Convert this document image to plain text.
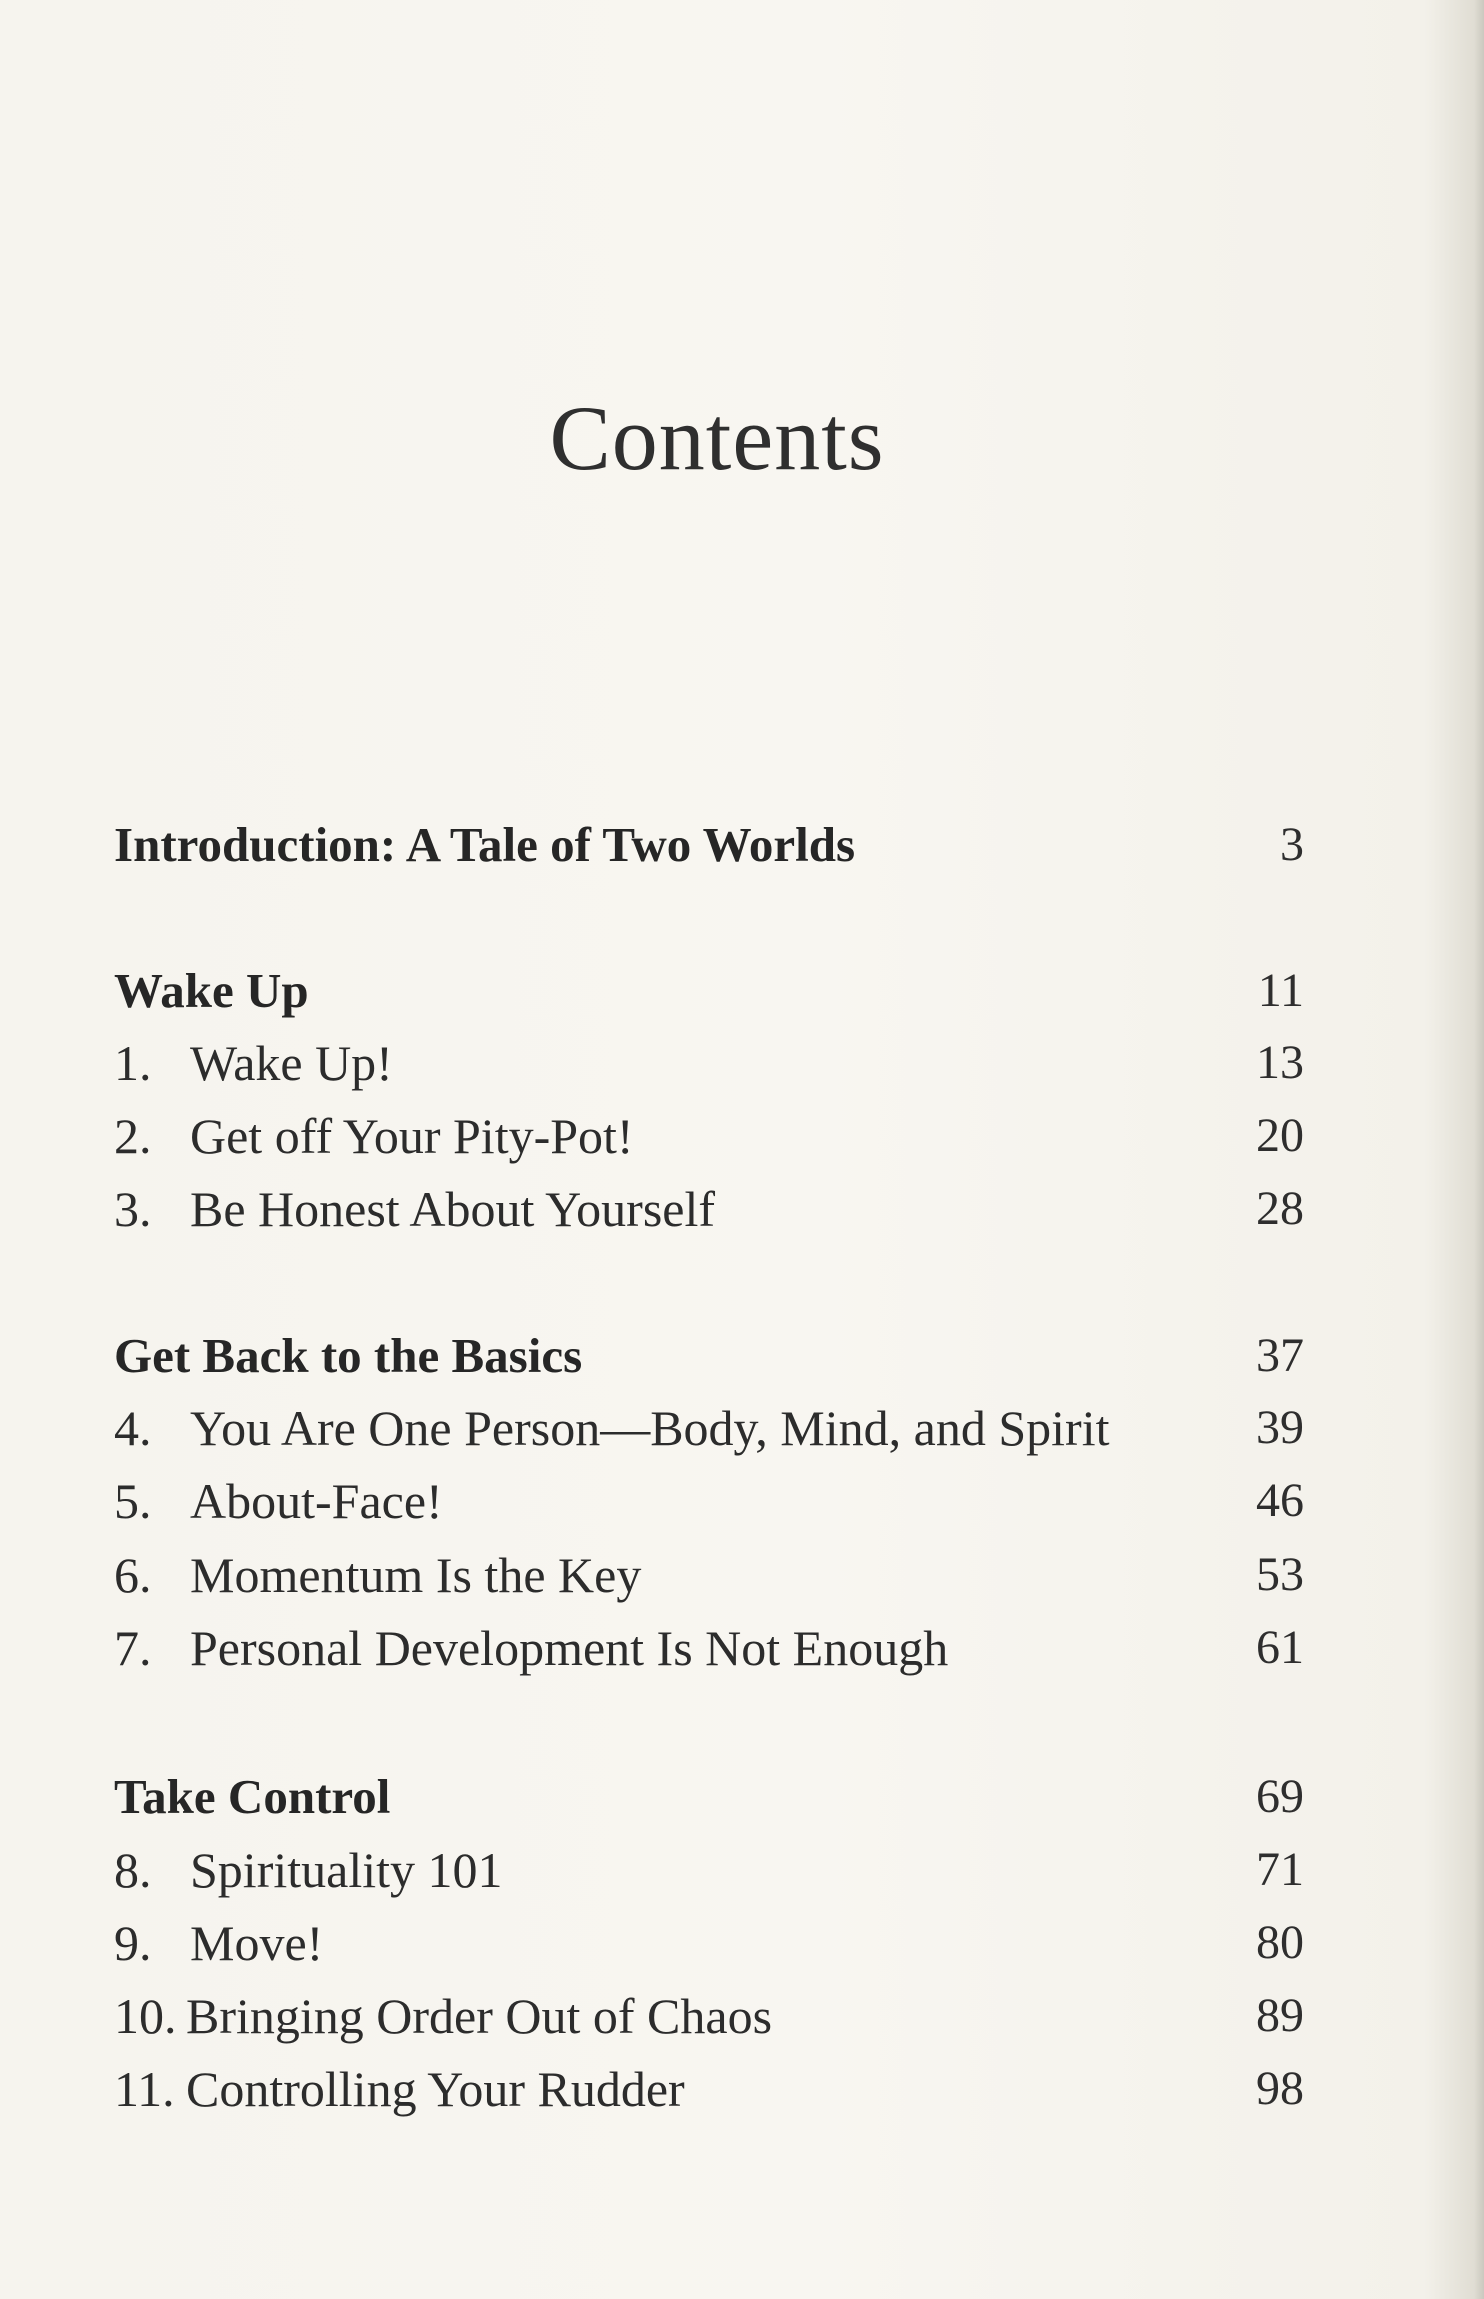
Contents
Introduction: A Tale of Two Worlds	3
Wake Up	11
1. Wake Up!	13
2. Get off Your Pity-Pot!	20
3. Be Honest About Yourself	28
Get Back to the Basics	37
4. You Are One Person—Body, Mind, and Spirit	39
5. About-Face!	46
6. Momentum Is the Key	53
7. Personal Development Is Not Enough	61
Take Control	69
8. Spirituality 101	71
9. Move!	80
10. Bringing Order Out of Chaos	89
11. Controlling Your Rudder	98
